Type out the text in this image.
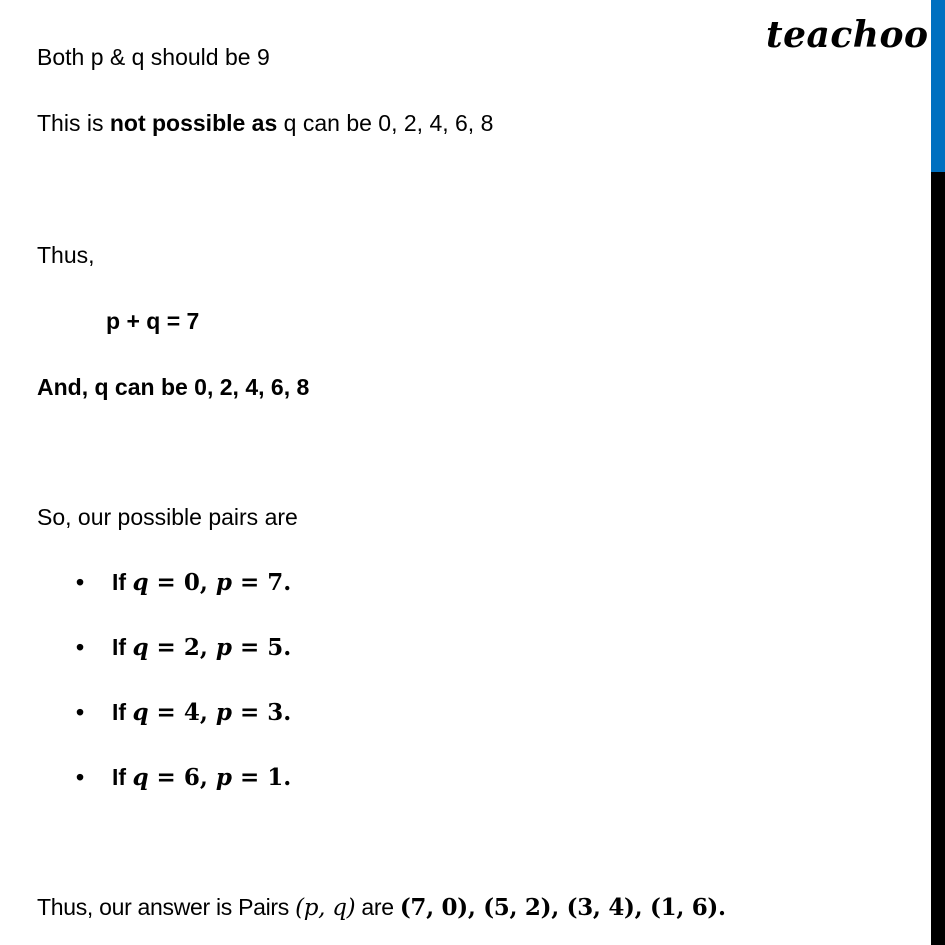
teachoo
Both p & q should be 9
This is not possible as q can be 0, 2, 4, 6, 8
Thus,
p + q = 7
And, q can be 0, 2, 4, 6, 8
So, our possible pairs are
• If q = 0, p = 7.
• If q = 2, p = 5.
• If q = 4, p = 3.
• If q = 6, p = 1.
Thus, our answer is Pairs (p, q) are (7, 0), (5, 2), (3, 4), (1, 6).
